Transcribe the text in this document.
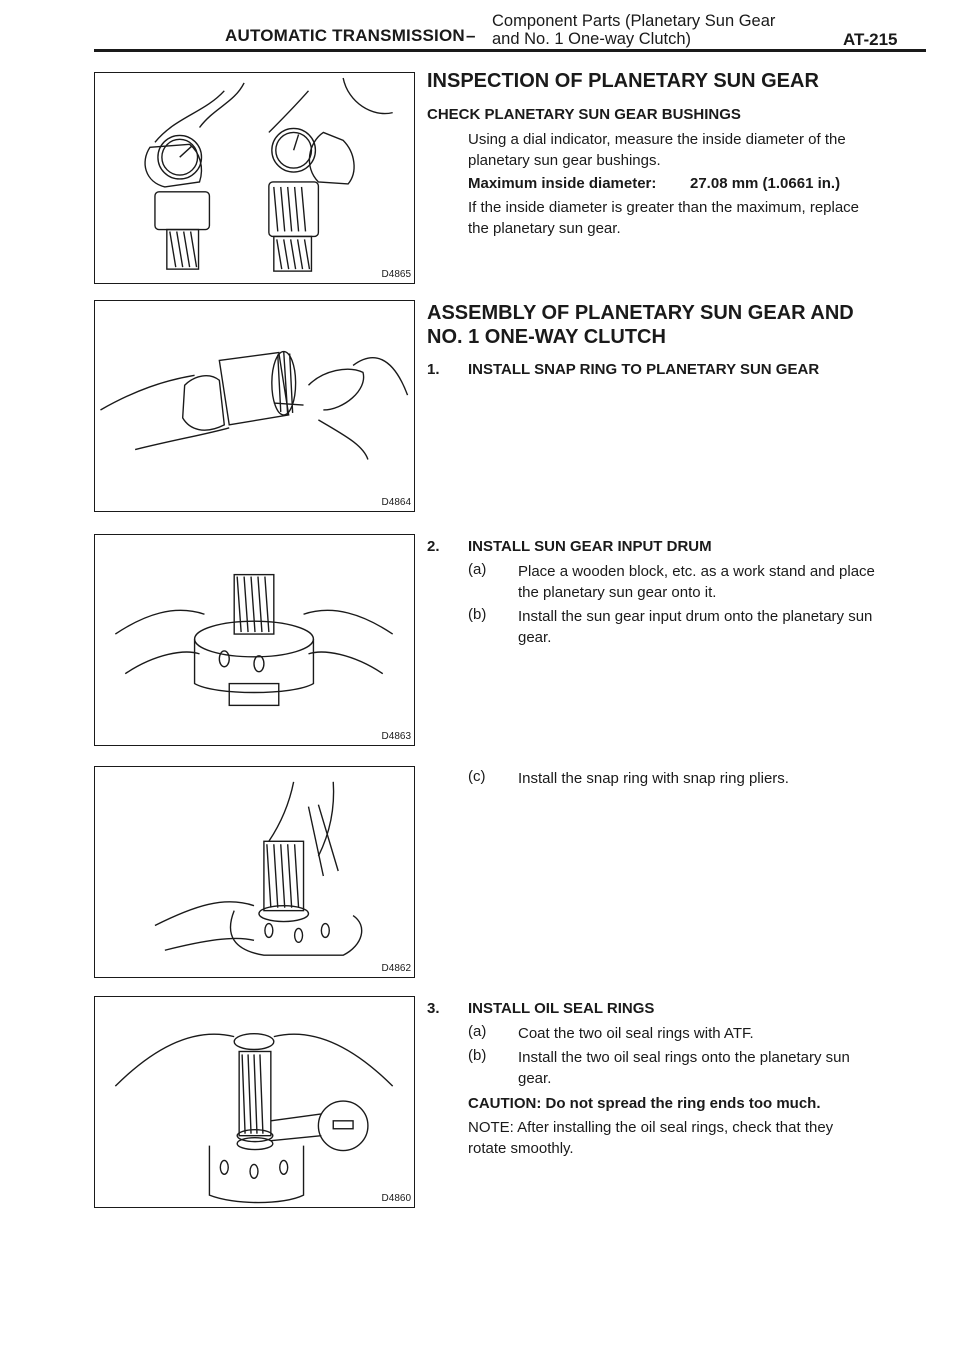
AUTOMATIC TRANSMISSION –
Component Parts (Planetary Sun Gear
and No. 1 One-way Clutch)	AT-215
D4865
D4864
D4863
D4862
D4860
INSPECTION OF PLANETARY SUN GEAR
CHECK PLANETARY SUN GEAR BUSHINGS
Using a dial indicator, measure the inside diameter of the
planetary sun gear bushings.
Maximum inside diameter: 27.08 mm (1.0661 in.)
If the inside diameter is greater than the maximum, replace
the planetary sun gear.
ASSEMBLY OF PLANETARY SUN GEAR AND
NO. 1 ONE-WAY CLUTCH
1. INSTALL SNAP RING TO PLANETARY SUN GEAR
2. INSTALL SUN GEAR INPUT DRUM
(a) Place a wooden block, etc. as a work stand and place
the planetary sun gear onto it.
(b) Install the sun gear input drum onto the planetary sun
gear.
(c) Install the snap ring with snap ring pliers.
3. INSTALL OIL SEAL RINGS
(a) Coat the two oil seal rings with ATF.
(b) Install the two oil seal rings onto the planetary sun
gear.
CAUTION: Do not spread the ring ends too much.
NOTE: After installing the oil seal rings, check that they
rotate smoothly.
